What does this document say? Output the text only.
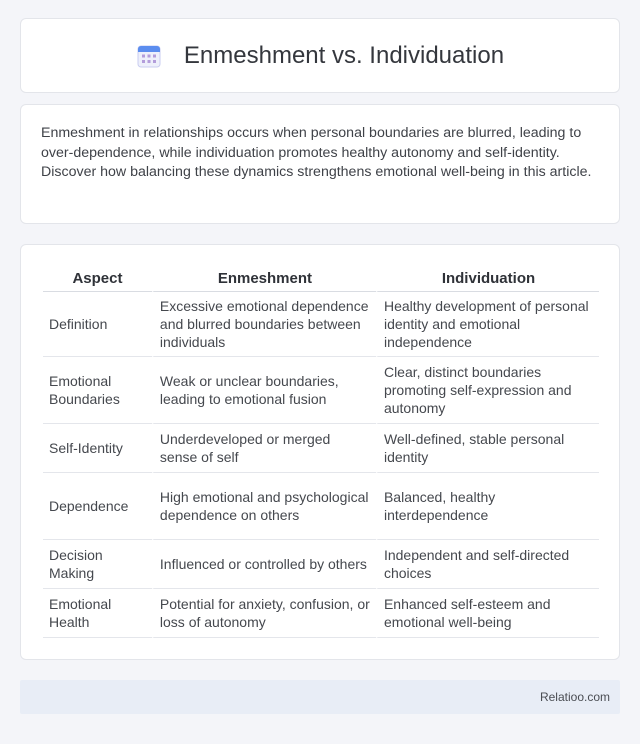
Enmeshment vs. Individuation

Enmeshment in relationships occurs when personal boundaries are blurred, leading to over-dependence, while individuation promotes healthy autonomy and self-identity. Discover how balancing these dynamics strengthens emotional well-being in this article.

Aspect	Enmeshment	Individuation
Definition	Excessive emotional dependence and blurred boundaries between individuals	Healthy development of personal identity and emotional independence
Emotional Boundaries	Weak or unclear boundaries, leading to emotional fusion	Clear, distinct boundaries promoting self-expression and autonomy
Self-Identity	Underdeveloped or merged sense of self	Well-defined, stable personal identity
Dependence	High emotional and psychological dependence on others	Balanced, healthy interdependence
Decision Making	Influenced or controlled by others	Independent and self-directed choices
Emotional Health	Potential for anxiety, confusion, or loss of autonomy	Enhanced self-esteem and emotional well-being
Relatioo.com
